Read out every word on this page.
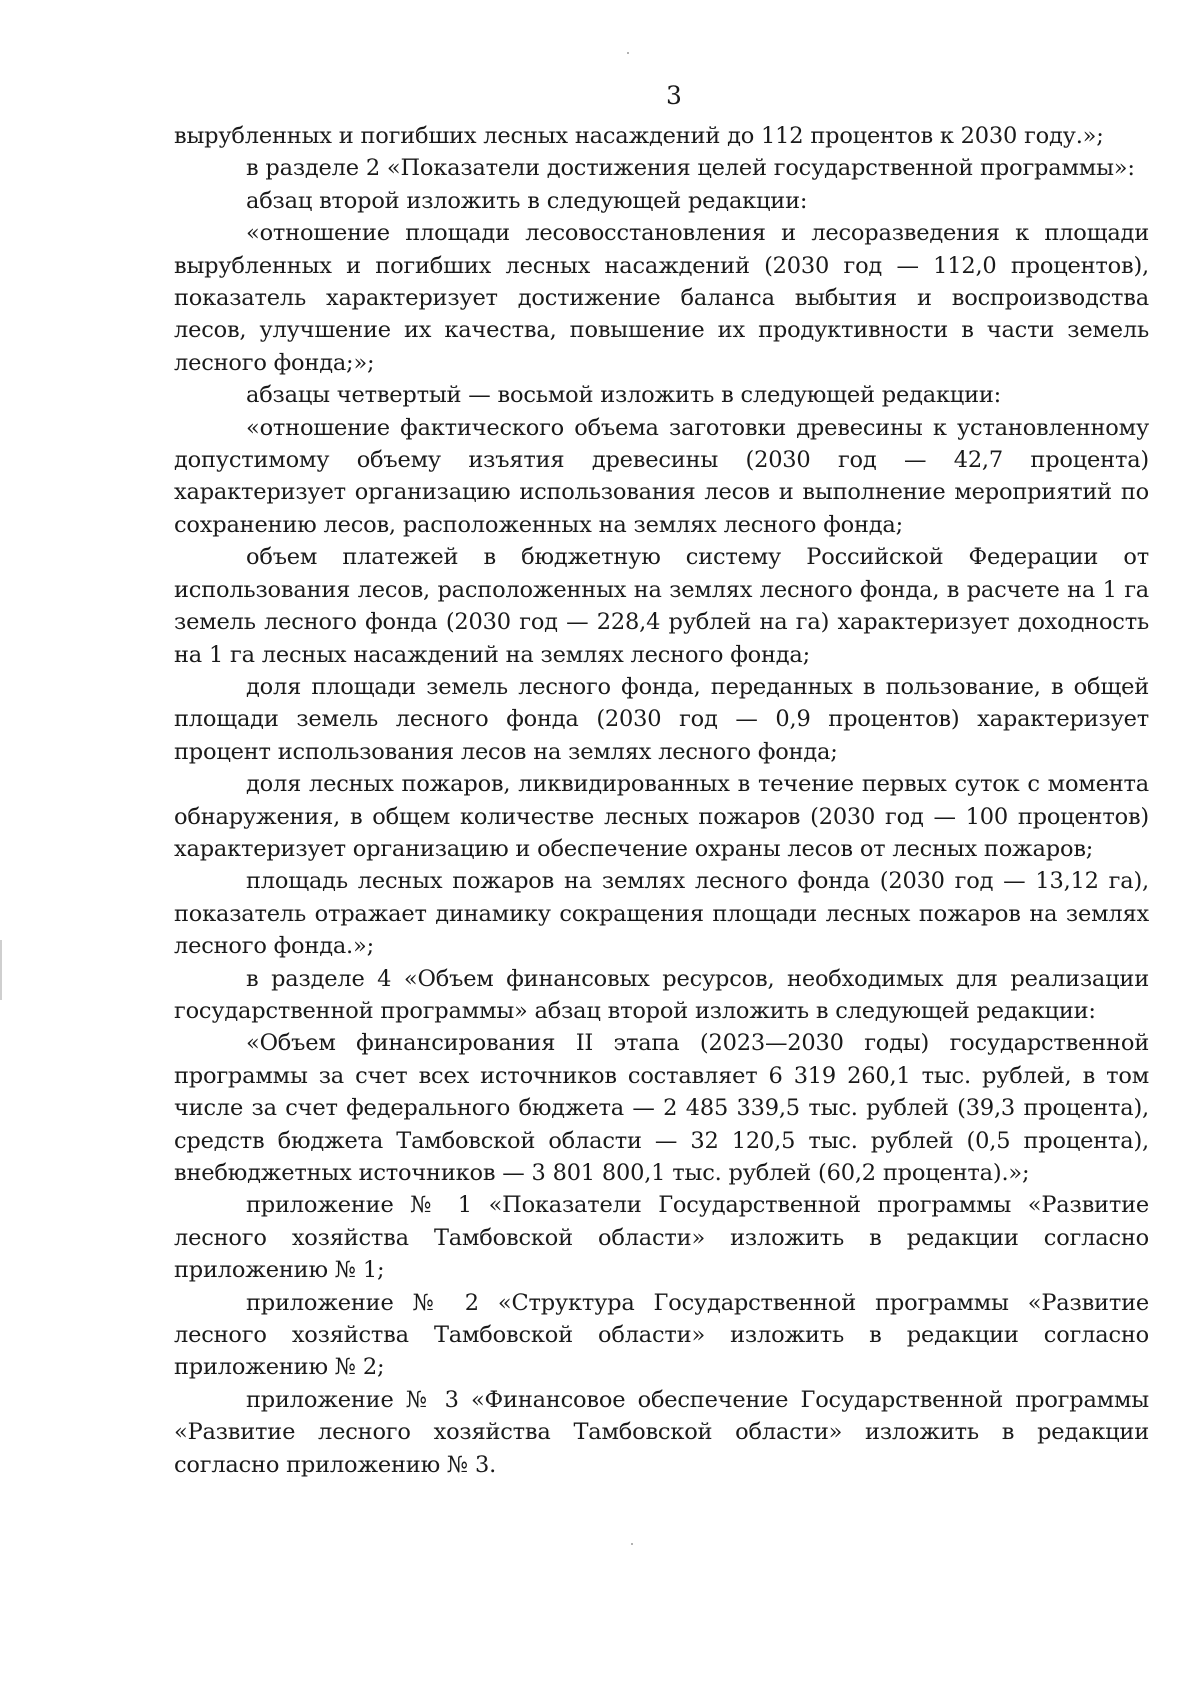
3

вырубленных и погибших лесных насаждений до 112 процентов к 2030 году.»;

в разделе 2 «Показатели достижения целей государственной программы»:

абзац второй изложить в следующей редакции:

«отношение площади лесовосстановления и лесоразведения к площади вырубленных и погибших лесных насаждений (2030 год — 112,0 процентов), показатель характеризует достижение баланса выбытия и воспроизводства лесов, улучшение их качества, повышение их продуктивности в части земель лесного фонда;»;

абзацы четвертый — восьмой изложить в следующей редакции:

«отношение фактического объема заготовки древесины к установленному допустимому объему изъятия древесины (2030 год — 42,7 процента) характеризует организацию использования лесов и выполнение мероприятий по сохранению лесов, расположенных на землях лесного фонда;

объем платежей в бюджетную систему Российской Федерации от использования лесов, расположенных на землях лесного фонда, в расчете на 1 га земель лесного фонда (2030 год — 228,4 рублей на га) характеризует доходность на 1 га лесных насаждений на землях лесного фонда;

доля площади земель лесного фонда, переданных в пользование, в общей площади земель лесного фонда (2030 год — 0,9 процентов) характеризует процент использования лесов на землях лесного фонда;

доля лесных пожаров, ликвидированных в течение первых суток с момента обнаружения, в общем количестве лесных пожаров (2030 год — 100 процентов) характеризует организацию и обеспечение охраны лесов от лесных пожаров;

площадь лесных пожаров на землях лесного фонда (2030 год — 13,12 га), показатель отражает динамику сокращения площади лесных пожаров на землях лесного фонда.»;

в разделе 4 «Объем финансовых ресурсов, необходимых для реализации государственной программы» абзац второй изложить в следующей редакции:

«Объем финансирования II этапа (2023—2030 годы) государственной программы за счет всех источников составляет 6 319 260,1 тыс. рублей, в том числе за счет федерального бюджета — 2 485 339,5 тыс. рублей (39,3 процента), средств бюджета Тамбовской области — 32 120,5 тыс. рублей (0,5 процента), внебюджетных источников — 3 801 800,1 тыс. рублей (60,2 процента).»;

приложение № 1 «Показатели Государственной программы «Развитие лесного хозяйства Тамбовской области» изложить в редакции согласно приложению № 1;

приложение № 2 «Структура Государственной программы «Развитие лесного хозяйства Тамбовской области» изложить в редакции согласно приложению № 2;

приложение № 3 «Финансовое обеспечение Государственной программы «Развитие лесного хозяйства Тамбовской области» изложить в редакции согласно приложению № 3.
